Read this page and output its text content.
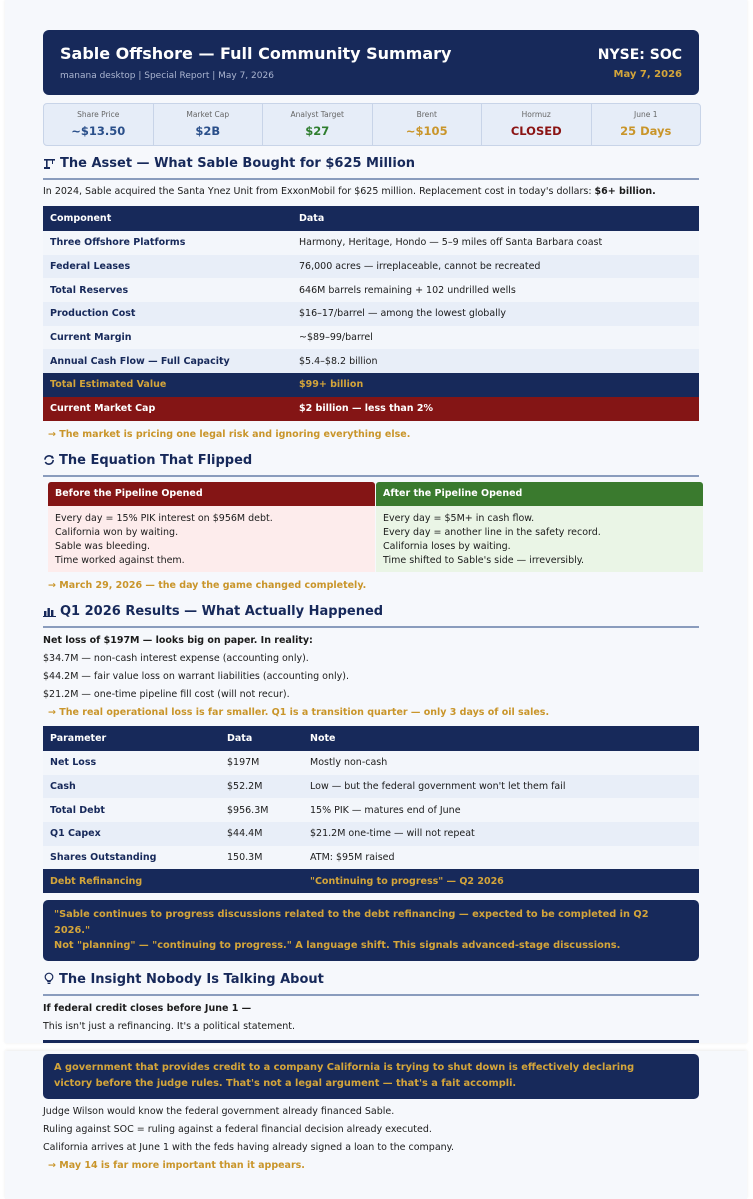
Sable Offshore — Full Community Summary
manana desktop | Special Report | May 7, 2026
NYSE: SOC
May 7, 2026
Share Price
~$13.50
Market Cap
$2B
Analyst Target
$27
Brent
~$105
Hormuz
CLOSED
June 1
25 Days
The Asset — What Sable Bought for $625 Million
In 2024, Sable acquired the Santa Ynez Unit from ExxonMobil for $625 million. Replacement cost in today's dollars: $6+ billion.
Component	Data
Three Offshore Platforms	Harmony, Heritage, Hondo — 5–9 miles off Santa Barbara coast
Federal Leases	76,000 acres — irreplaceable, cannot be recreated
Total Reserves	646M barrels remaining + 102 undrilled wells
Production Cost	$16–17/barrel — among the lowest globally
Current Margin	~$89–99/barrel
Annual Cash Flow — Full Capacity	$5.4–$8.2 billion
Total Estimated Value	$99+ billion
Current Market Cap	$2 billion — less than 2%
→ The market is pricing one legal risk and ignoring everything else.
The Equation That Flipped
Before the Pipeline Opened
Every day = 15% PIK interest on $956M debt.
California won by waiting.
Sable was bleeding.
Time worked against them.
After the Pipeline Opened
Every day = $5M+ in cash flow.
Every day = another line in the safety record.
California loses by waiting.
Time shifted to Sable's side — irreversibly.
→ March 29, 2026 — the day the game changed completely.
Q1 2026 Results — What Actually Happened
Net loss of $197M — looks big on paper. In reality:
$34.7M — non-cash interest expense (accounting only).
$44.2M — fair value loss on warrant liabilities (accounting only).
$21.2M — one-time pipeline fill cost (will not recur).
→ The real operational loss is far smaller. Q1 is a transition quarter — only 3 days of oil sales.
Parameter	Data	Note
Net Loss	$197M	Mostly non-cash
Cash	$52.2M	Low — but the federal government won't let them fail
Total Debt	$956.3M	15% PIK — matures end of June
Q1 Capex	$44.4M	$21.2M one-time — will not repeat
Shares Outstanding	150.3M	ATM: $95M raised
Debt Refinancing		"Continuing to progress" — Q2 2026
"Sable continues to progress discussions related to the debt refinancing — expected to be completed in Q2
2026."
Not "planning" — "continuing to progress." A language shift. This signals advanced-stage discussions.
The Insight Nobody Is Talking About
If federal credit closes before June 1 —
This isn't just a refinancing. It's a political statement.
A government that provides credit to a company California is trying to shut down is effectively declaring
victory before the judge rules. That's not a legal argument — that's a fait accompli.
Judge Wilson would know the federal government already financed Sable.
Ruling against SOC = ruling against a federal financial decision already executed.
California arrives at June 1 with the feds having already signed a loan to the company.
→ May 14 is far more important than it appears.
